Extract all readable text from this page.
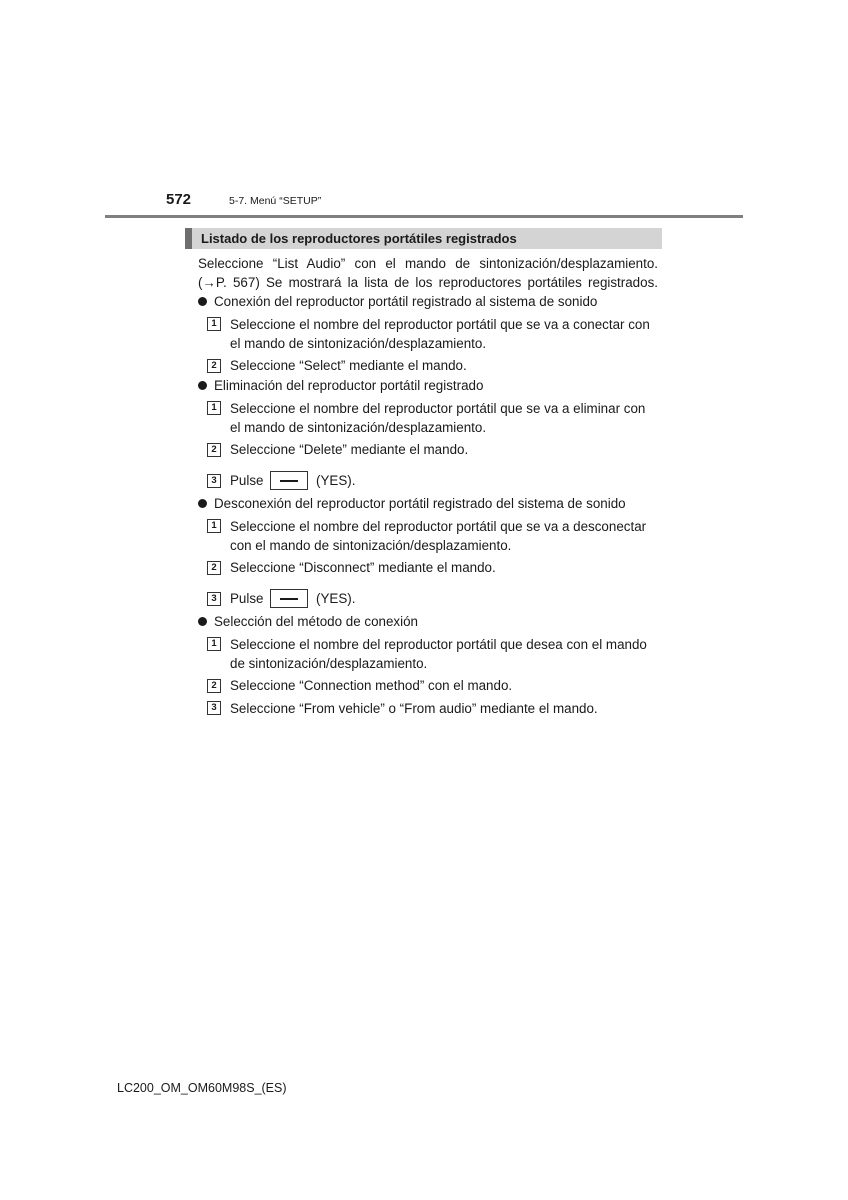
572	5-7. Menú “SETUP”
Listado de los reproductores portátiles registrados
Seleccione “List Audio” con el mando de sintonización/desplazamiento.
(→P. 567) Se mostrará la lista de los reproductores portátiles registrados.
Conexión del reproductor portátil registrado al sistema de sonido
1 Seleccione el nombre del reproductor portátil que se va a conectar con
el mando de sintonización/desplazamiento.
2 Seleccione “Select” mediante el mando.
Eliminación del reproductor portátil registrado
1 Seleccione el nombre del reproductor portátil que se va a eliminar con
el mando de sintonización/desplazamiento.
2 Seleccione “Delete” mediante el mando.
3 Pulse	(YES).
Desconexión del reproductor portátil registrado del sistema de sonido
1 Seleccione el nombre del reproductor portátil que se va a desconectar
con el mando de sintonización/desplazamiento.
2 Seleccione “Disconnect” mediante el mando.
3 Pulse	(YES).
Selección del método de conexión
1 Seleccione el nombre del reproductor portátil que desea con el mando
de sintonización/desplazamiento.
2 Seleccione “Connection method” con el mando.
3 Seleccione “From vehicle” o “From audio” mediante el mando.
LC200_OM_OM60M98S_(ES)
